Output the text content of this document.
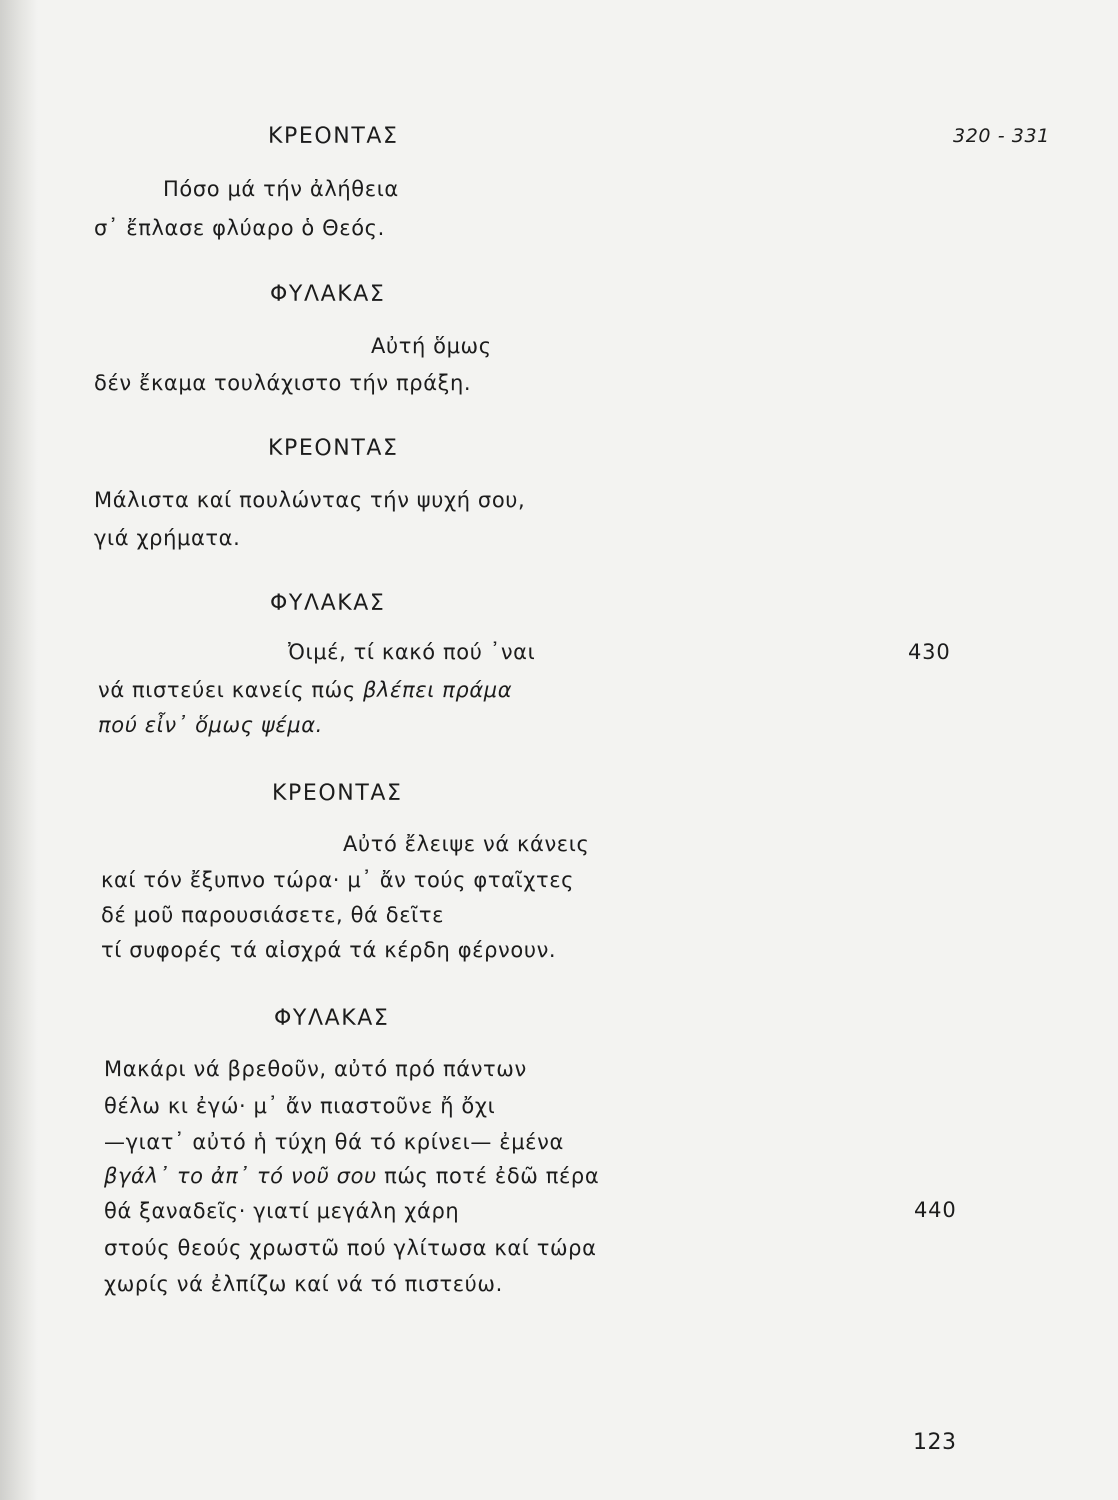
320 - 331
ΚΡΕΟΝΤΑΣ
Πόσο μά τήν ἀλήθεια
σ᾽ ἔπλασε φλύαρο ὁ Θεός.
ΦΥΛΑΚΑΣ
Αὐτή ὅμως
δέν ἔκαμα τουλάχιστο τήν πράξη.
ΚΡΕΟΝΤΑΣ
Μάλιστα καί πουλώντας τήν ψυχή σου,
γιά χρήματα.
ΦΥΛΑΚΑΣ
Ὀιμέ, τί κακό πού ᾽ναι	430
νά πιστεύει κανείς πώς βλέπει πράμα
πού εἶν᾽ ὅμως ψέμα.
ΚΡΕΟΝΤΑΣ
Αὐτό ἔλειψε νά κάνεις
καί τόν ἔξυπνο τώρα· μ᾽ ἄν τούς φταῖχτες
δέ μοῦ παρουσιάσετε, θά δεῖτε
τί συφορές τά αἰσχρά τά κέρδη φέρνουν.
ΦΥΛΑΚΑΣ
Μακάρι νά βρεθοῦν, αὐτό πρό πάντων
θέλω κι ἐγώ· μ᾽ ἄν πιαστοῦνε ἤ ὄχι
—γιατ᾽ αὐτό ἡ τύχη θά τό κρίνει— ἐμένα
βγάλ᾽ το ἀπ᾽ τό νοῦ σου πώς ποτέ ἐδῶ πέρα
θά ξαναδεῖς· γιατί μεγάλη χάρη	440
στούς θεούς χρωστῶ πού γλίτωσα καί τώρα
χωρίς νά ἐλπίζω καί νά τό πιστεύω.
123
